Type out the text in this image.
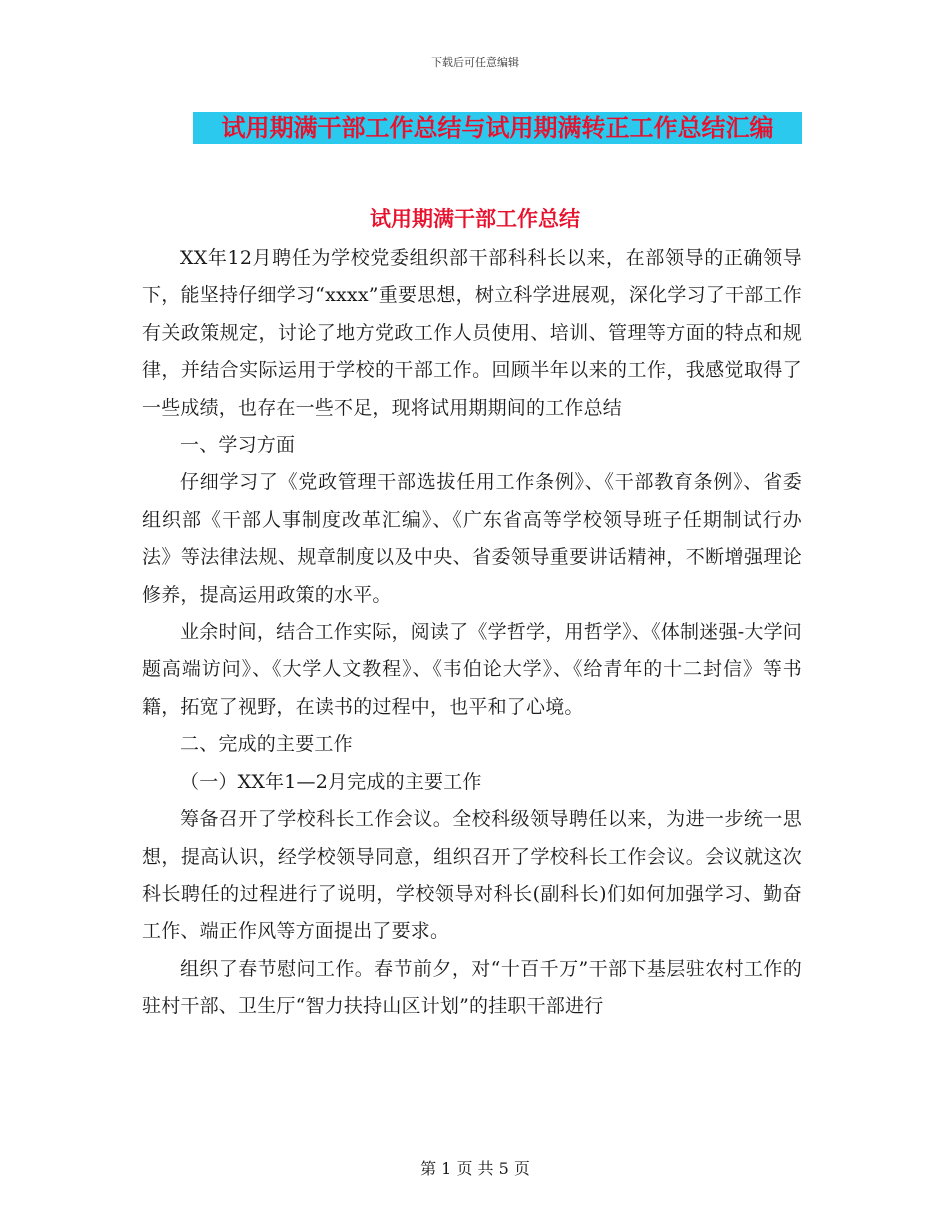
下载后可任意编辑
试用期满干部工作总结与试用期满转正工作总结汇编
试用期满干部工作总结

XX年12月聘任为学校党委组织部干部科科长以来，在部领导的正确领导下，能坚持仔细学习“xxxx”重要思想，树立科学进展观，深化学习了干部工作有关政策规定，讨论了地方党政工作人员使用、培训、管理等方面的特点和规律，并结合实际运用于学校的干部工作。回顾半年以来的工作，我感觉取得了一些成绩，也存在一些不足，现将试用期期间的工作总结

一、学习方面

仔细学习了《党政管理干部选拔任用工作条例》、《干部教育条例》、省委组织部《干部人事制度改革汇编》、《广东省高等学校领导班子任期制试行办法》等法律法规、规章制度以及中央、省委领导重要讲话精神，不断增强理论修养，提高运用政策的水平。

业余时间，结合工作实际，阅读了《学哲学，用哲学》、《体制迷强-大学问题高端访问》、《大学人文教程》、《韦伯论大学》、《给青年的十二封信》等书籍，拓宽了视野，在读书的过程中，也平和了心境。

二、完成的主要工作

（一）XX年1—2月完成的主要工作

筹备召开了学校科长工作会议。全校科级领导聘任以来，为进一步统一思想，提高认识，经学校领导同意，组织召开了学校科长工作会议。会议就这次科长聘任的过程进行了说明，学校领导对科长(副科长)们如何加强学习、勤奋工作、端正作风等方面提出了要求。

组织了春节慰问工作。春节前夕，对“十百千万”干部下基层驻农村工作的驻村干部、卫生厅“智力扶持山区计划”的挂职干部进行

第 1 页 共 5 页
